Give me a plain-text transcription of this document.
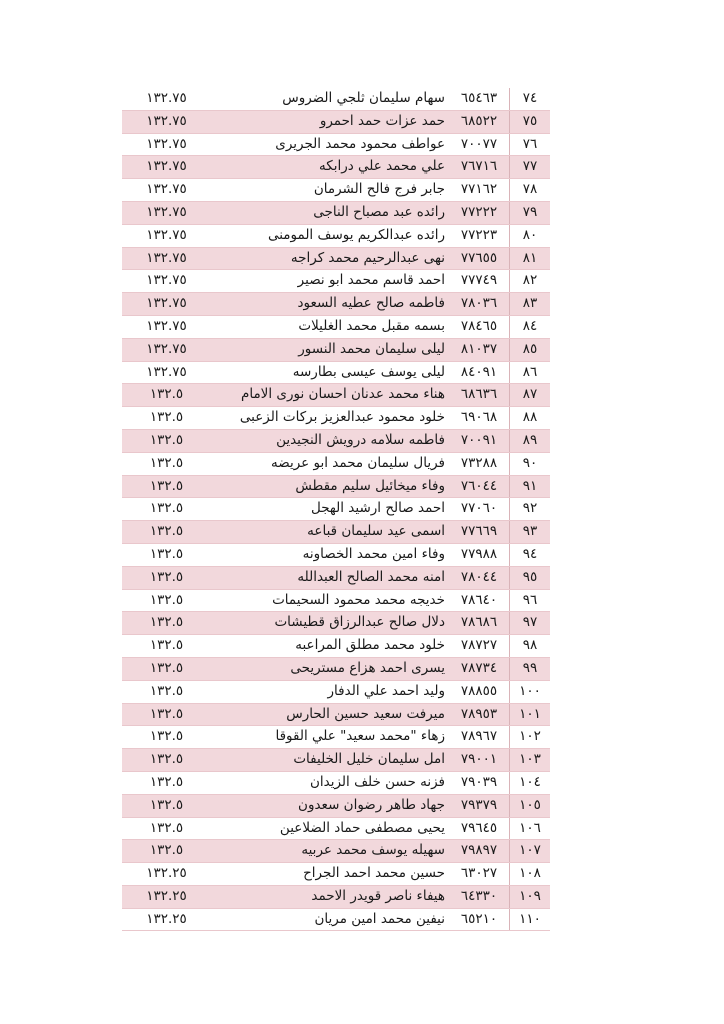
٧٤	٦٥٤٦٣	سهام سليمان ثلجي الضروس	١٣٢.٧٥
٧٥	٦٨٥٢٢	حمد عزات حمد احمرو	١٣٢.٧٥
٧٦	٧٠٠٧٧	عواطف محمود محمد الجريرى	١٣٢.٧٥
٧٧	٧٦٧١٦	علي محمد علي درابكه	١٣٢.٧٥
٧٨	٧٧١٦٢	جابر فرج فالح الشرمان	١٣٢.٧٥
٧٩	٧٧٢٢٢	رائده عبد مصباح الناجى	١٣٢.٧٥
٨٠	٧٧٢٢٣	رائده عبدالكريم يوسف المومنى	١٣٢.٧٥
٨١	٧٧٦٥٥	نهى عبدالرحيم محمد كراجه	١٣٢.٧٥
٨٢	٧٧٧٤٩	احمد قاسم محمد ابو نصير	١٣٢.٧٥
٨٣	٧٨٠٣٦	فاطمه صالح عطيه السعود	١٣٢.٧٥
٨٤	٧٨٤٦٥	بسمه مقبل محمد الغليلات	١٣٢.٧٥
٨٥	٨١٠٣٧	ليلى سليمان محمد النسور	١٣٢.٧٥
٨٦	٨٤٠٩١	ليلى يوسف عيسى بطارسه	١٣٢.٧٥
٨٧	٦٨٦٣٦	هناء محمد عدنان احسان نورى الامام	١٣٢.٥
٨٨	٦٩٠٦٨	خلود محمود عبدالعزيز بركات الزعبى	١٣٢.٥
٨٩	٧٠٠٩١	فاطمه سلامه درويش النجيدين	١٣٢.٥
٩٠	٧٣٢٨٨	فريال سليمان محمد ابو عريضه	١٣٢.٥
٩١	٧٦٠٤٤	وفاء ميخائيل سليم مقطش	١٣٢.٥
٩٢	٧٧٠٦٠	احمد صالح ارشيد الهجل	١٣٢.٥
٩٣	٧٧٦٦٩	اسمى عيد سليمان قباعه	١٣٢.٥
٩٤	٧٧٩٨٨	وفاء امين محمد الخصاونه	١٣٢.٥
٩٥	٧٨٠٤٤	امنه محمد الصالح العبدالله	١٣٢.٥
٩٦	٧٨٦٤٠	خديجه محمد محمود السحيمات	١٣٢.٥
٩٧	٧٨٦٨٦	دلال صالح عبدالرزاق قطيشات	١٣٢.٥
٩٨	٧٨٧٢٧	خلود محمد مطلق المراعبه	١٣٢.٥
٩٩	٧٨٧٣٤	يسرى احمد هزاع مستريحى	١٣٢.٥
١٠٠	٧٨٨٥٥	وليد احمد علي الدفار	١٣٢.٥
١٠١	٧٨٩٥٣	ميرفت سعيد حسين الحارس	١٣٢.٥
١٠٢	٧٨٩٦٧	زهاء "محمد سعيد" علي القوقا	١٣٢.٥
١٠٣	٧٩٠٠١	امل سليمان خليل الخليفات	١٣٢.٥
١٠٤	٧٩٠٣٩	فزنه حسن خلف الزيدان	١٣٢.٥
١٠٥	٧٩٣٧٩	جهاد طاهر رضوان سعدون	١٣٢.٥
١٠٦	٧٩٦٤٥	يحيى مصطفى حماد الضلاعين	١٣٢.٥
١٠٧	٧٩٨٩٧	سهيله يوسف محمد عربيه	١٣٢.٥
١٠٨	٦٣٠٢٧	حسين محمد احمد الجراح	١٣٢.٢٥
١٠٩	٦٤٣٣٠	هيفاء ناصر قويدر الاحمد	١٣٢.٢٥
١١٠	٦٥٢١٠	نيفين محمد امين مريان	١٣٢.٢٥
